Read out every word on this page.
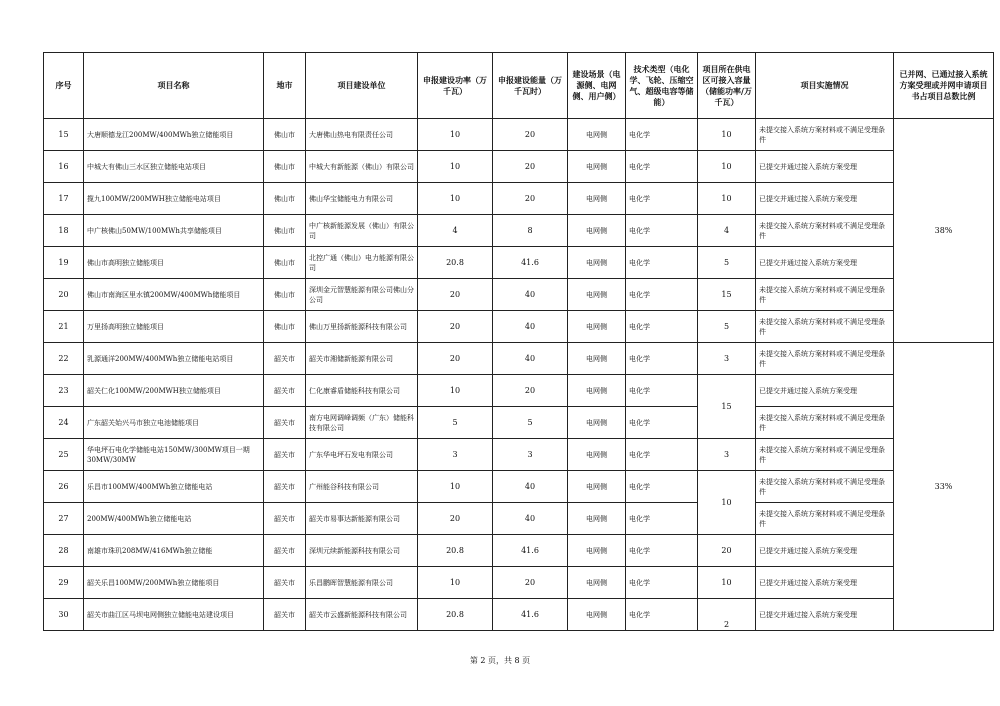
序号	项目名称	地市	项目建设单位	申报建设功率（万千瓦）	申报建设能量（万千瓦时）	建设场景（电源侧、电网侧、用户侧）	技术类型（电化学、飞轮、压缩空气、超级电容等储能）	项目所在供电区可接入容量（储能功率/万千瓦）	项目实施情况	已并网、已通过接入系统方案受理或并网申请项目书占项目总数比例
15	大唐顺德龙江200MW/400MWh独立储能项目	佛山市	大唐佛山热电有限责任公司	10	20	电网侧	电化学	10	未提交接入系统方案材料或不满足受理条件	38%
16	中城大有佛山三水区独立储能电站项目	佛山市	中城大有新能源（佛山）有限公司	10	20	电网侧	电化学	10	已提交并通过接入系统方案受理	
17	揽九100MW/200MWH独立储能电站项目	佛山市	佛山华宝储能电力有限公司	10	20	电网侧	电化学	10	已提交并通过接入系统方案受理	
18	中广核佛山50MW/100MWh共享储能项目	佛山市	中广核新能源发展（佛山）有限公司	4	8	电网侧	电化学	4	未提交接入系统方案材料或不满足受理条件	
19	佛山市高明独立储能项目	佛山市	北控广通（佛山）电力能源有限公司	20.8	41.6	电网侧	电化学	5	已提交并通过接入系统方案受理	
20	佛山市南海区里水镇200MW/400MWh储能项目	佛山市	深圳金元智慧能源有限公司佛山分公司	20	40	电网侧	电化学	15	未提交接入系统方案材料或不满足受理条件	
21	万里扬高明独立储能项目	佛山市	佛山万里扬新能源科技有限公司	20	40	电网侧	电化学	5	未提交接入系统方案材料或不满足受理条件	
22	乳源通洋200MW/400MWh独立储能电站项目	韶关市	韶关市湘储新能源有限公司	20	40	电网侧	电化学	3	未提交接入系统方案材料或不满足受理条件	33%
23	韶关仁化100MW/200MWH独立储能项目	韶关市	仁化康睿盾储能科技有限公司	10	20	电网侧	电化学	15	已提交并通过接入系统方案受理	
24	广东韶关始兴马市独立电池储能项目	韶关市	南方电网调峰调频（广东）储能科技有限公司	5	5	电网侧	电化学		未提交接入系统方案材料或不满足受理条件	
25	华电坪石电化学储能电站150MW/300MW项目一期30MW/30MW	韶关市	广东华电坪石发电有限公司	3	3	电网侧	电化学	3	未提交接入系统方案材料或不满足受理条件	
26	乐昌市100MW/400MWh独立储能电站	韶关市	广州能谷科技有限公司	10	40	电网侧	电化学	10	未提交接入系统方案材料或不满足受理条件	
27	200MW/400MWh独立储能电站	韶关市	韶关市易事达新能源有限公司	20	40	电网侧	电化学		未提交接入系统方案材料或不满足受理条件	
28	南雄市珠玑208MW/416MWh独立储能	韶关市	深圳元续新能源科技有限公司	20.8	41.6	电网侧	电化学	20	已提交并通过接入系统方案受理	
29	韶关乐昌100MW/200MWh独立储能项目	韶关市	乐昌鹏晖智慧能源有限公司	10	20	电网侧	电化学	10	已提交并通过接入系统方案受理	
30	韶关市曲江区马坝电网侧独立储能电站建设项目	韶关市	韶关市云盛新能源科技有限公司	20.8	41.6	电网侧	电化学	2	已提交并通过接入系统方案受理	
第 2 页，共 8 页
